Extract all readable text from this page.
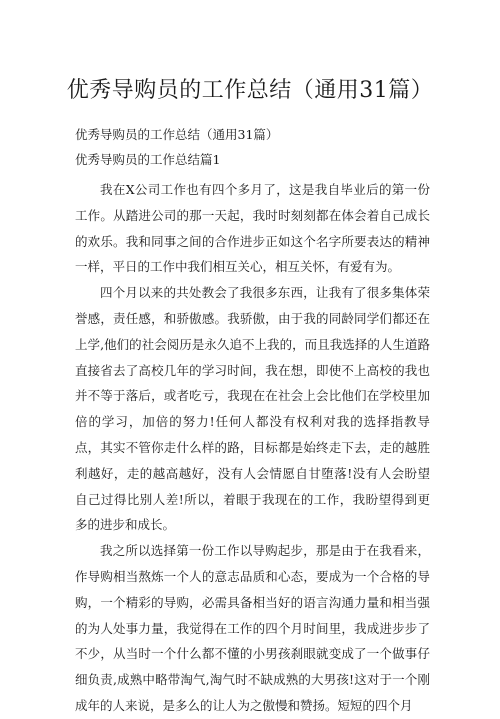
优秀导购员的工作总结（通用31篇）
优秀导购员的工作总结（通用31篇）
优秀导购员的工作总结篇1

我在X公司工作也有四个多月了，这是我自毕业后的第一份工作。从踏进公司的那一天起，我时时刻刻都在体会着自己成长的欢乐。我和同事之间的合作进步正如这个名字所要表达的精神一样，平日的工作中我们相互关心，相互关怀，有爱有为。

四个月以来的共处教会了我很多东西，让我有了很多集体荣誉感，责任感，和骄傲感。我骄傲，由于我的同龄同学们都还在上学,他们的社会阅历是永久追不上我的，而且我选择的人生道路直接省去了高校几年的学习时间，我在想，即使不上高校的我也并不等于落后，或者吃亏，我现在在社会上会比他们在学校里加倍的学习，加倍的努力!任何人都没有权利对我的选择指教导点，其实不管你走什么样的路，目标都是始终走下去，走的越胜利越好，走的越高越好，没有人会情愿自甘堕落!没有人会盼望自己过得比别人差!所以，着眼于我现在的工作，我盼望得到更多的进步和成长。

我之所以选择第一份工作以导购起步，那是由于在我看来，作导购相当熬炼一个人的意志品质和心态，要成为一个合格的导购，一个精彩的导购，必需具备相当好的语言沟通力量和相当强的为人处事力量，我觉得在工作的四个月时间里，我成进步步了不少，从当时一个什么都不懂的小男孩刹眼就变成了一个做事仔细负责,成熟中略带淘气,淘气时不缺成熟的大男孩!这对于一个刚成年的人来说，是多么的让人为之傲慢和赞扬。短短的四个月
